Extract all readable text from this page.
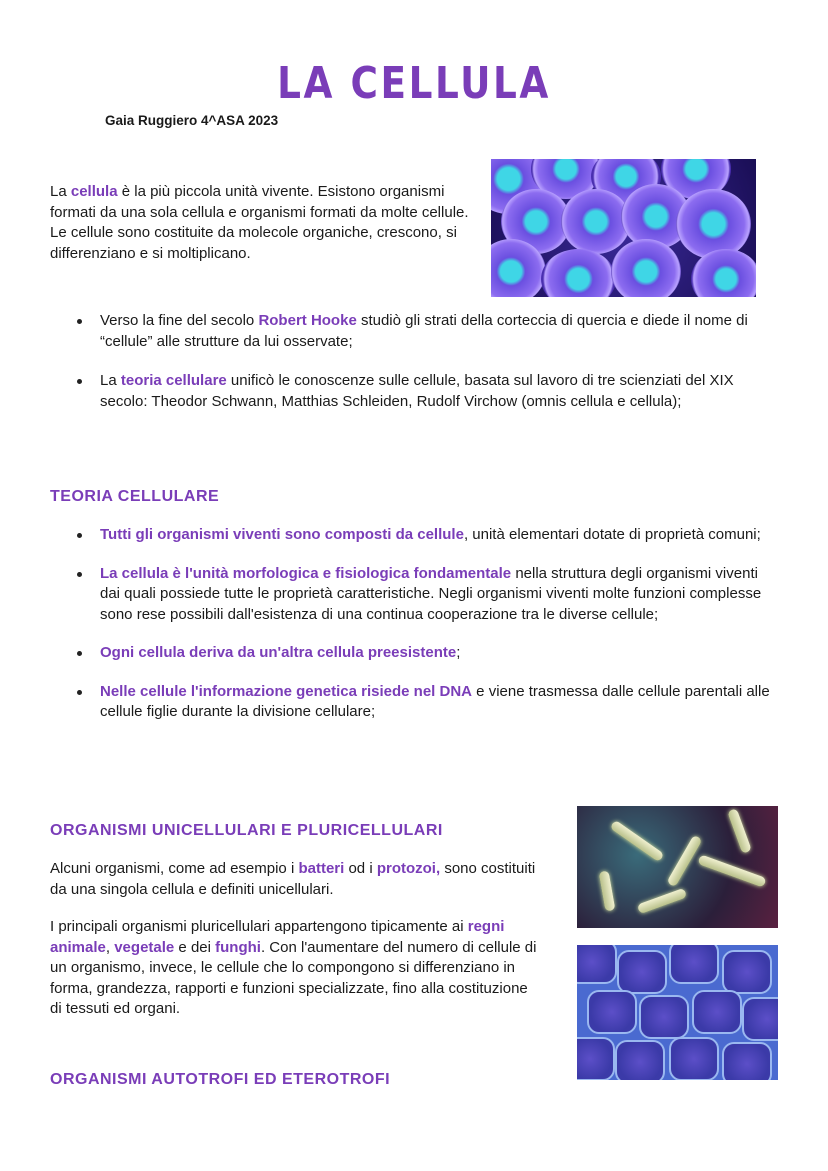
LA CELLULA
Gaia Ruggiero 4^ASA 2023
La cellula è la più piccola unità vivente. Esistono organismi formati da una sola cellula e organismi formati da molte cellule. Le cellule sono costituite da molecole organiche, crescono, si differenziano e si moltiplicano.
Verso la fine del secolo Robert Hooke studiò gli strati della corteccia di quercia e diede il nome di “cellule” alle strutture da lui osservate;
La teoria cellulare unificò le conoscenze sulle cellule, basata sul lavoro di tre scienziati del XIX secolo: Theodor Schwann, Matthias Schleiden, Rudolf Virchow (omnis cellula e cellula);
TEORIA CELLULARE
Tutti gli organismi viventi sono composti da cellule, unità elementari dotate di proprietà comuni;
La cellula è l'unità morfologica e fisiologica fondamentale nella struttura degli organismi viventi dai quali possiede tutte le proprietà caratteristiche. Negli organismi viventi molte funzioni complesse sono rese possibili dall'esistenza di una continua cooperazione tra le diverse cellule;
Ogni cellula deriva da un'altra cellula preesistente;
Nelle cellule l'informazione genetica risiede nel DNA e viene trasmessa dalle cellule parentali alle cellule figlie durante la divisione cellulare;
ORGANISMI UNICELLULARI E PLURICELLULARI
Alcuni organismi, come ad esempio i batteri od i protozoi, sono costituiti da una singola cellula e definiti unicellulari.
I principali organismi pluricellulari appartengono tipicamente ai regni animale, vegetale e dei funghi. Con l'aumentare del numero di cellule di un organismo, invece, le cellule che lo compongono si differenziano in forma, grandezza, rapporti e funzioni specializzate, fino alla costituzione di tessuti ed organi.
ORGANISMI AUTOTROFI ED ETEROTROFI
